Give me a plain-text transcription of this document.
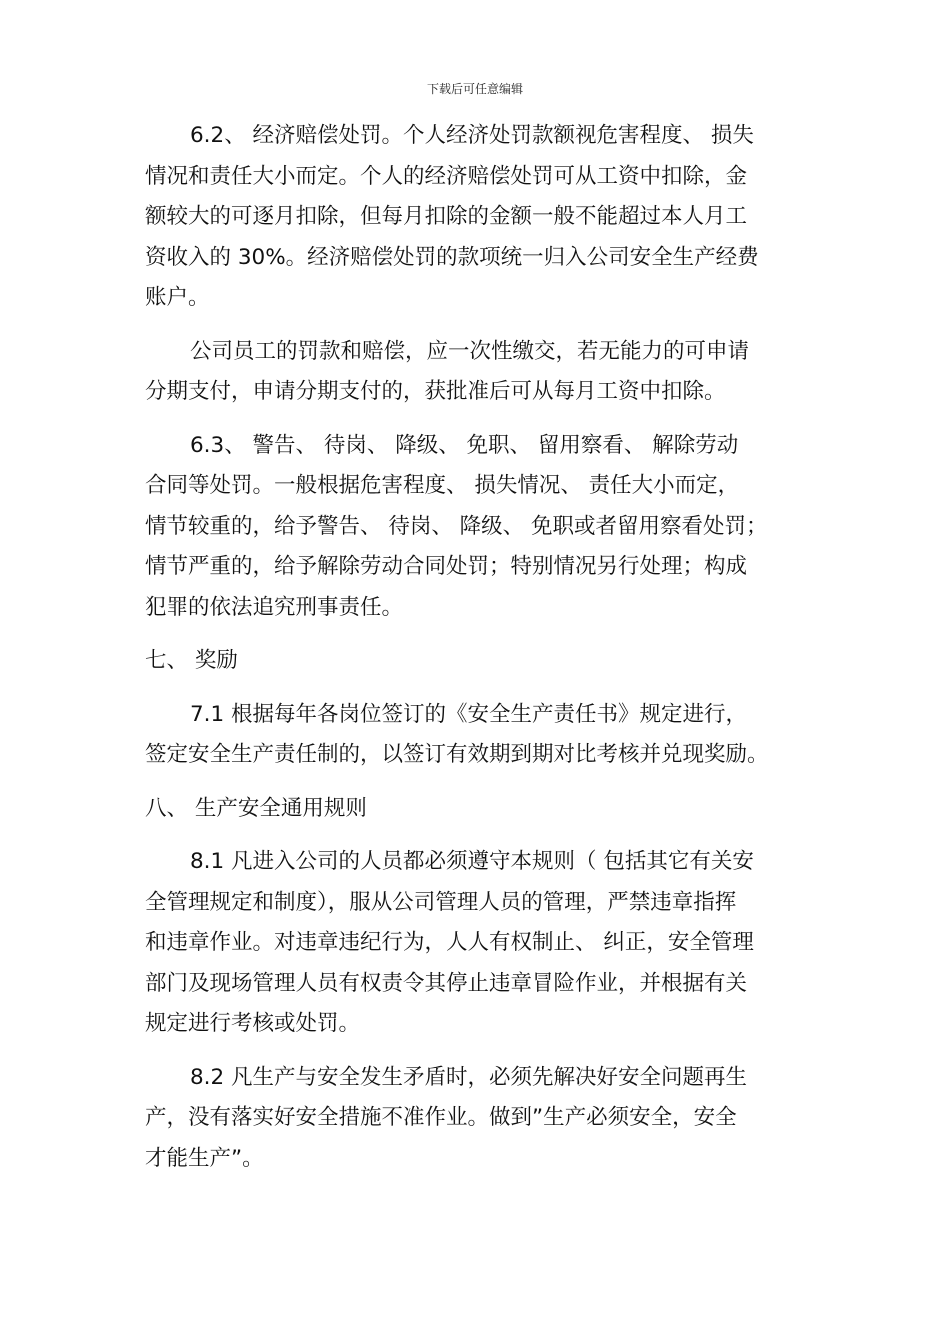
下载后可任意编辑

6.2、 经济赔偿处罚。个人经济处罚款额视危害程度、 损失
情况和责任大小而定。个人的经济赔偿处罚可从工资中扣除，金
额较大的可逐月扣除，但每月扣除的金额一般不能超过本人月工
资收入的 30%。经济赔偿处罚的款项统一归入公司安全生产经费
账户。

公司员工的罚款和赔偿，应一次性缴交，若无能力的可申请
分期支付，申请分期支付的，获批准后可从每月工资中扣除。

6.3、 警告、 待岗、 降级、 免职、 留用察看、 解除劳动
合同等处罚。一般根据危害程度、 损失情况、 责任大小而定，
情节较重的，给予警告、 待岗、 降级、 免职或者留用察看处罚；
情节严重的，给予解除劳动合同处罚；特别情况另行处理；构成
犯罪的依法追究刑事责任。

七、 奖励

7.1 根据每年各岗位签订的《安全生产责任书》规定进行，
签定安全生产责任制的，以签订有效期到期对比考核并兑现奖励。

八、 生产安全通用规则

8.1 凡进入公司的人员都必须遵守本规则（ 包括其它有关安
全管理规定和制度），服从公司管理人员的管理，严禁违章指挥
和违章作业。对违章违纪行为，人人有权制止、 纠正，安全管理
部门及现场管理人员有权责令其停止违章冒险作业，并根据有关
规定进行考核或处罚。

8.2 凡生产与安全发生矛盾时，必须先解决好安全问题再生
产，没有落实好安全措施不准作业。做到”生产必须安全，安全
才能生产”。
